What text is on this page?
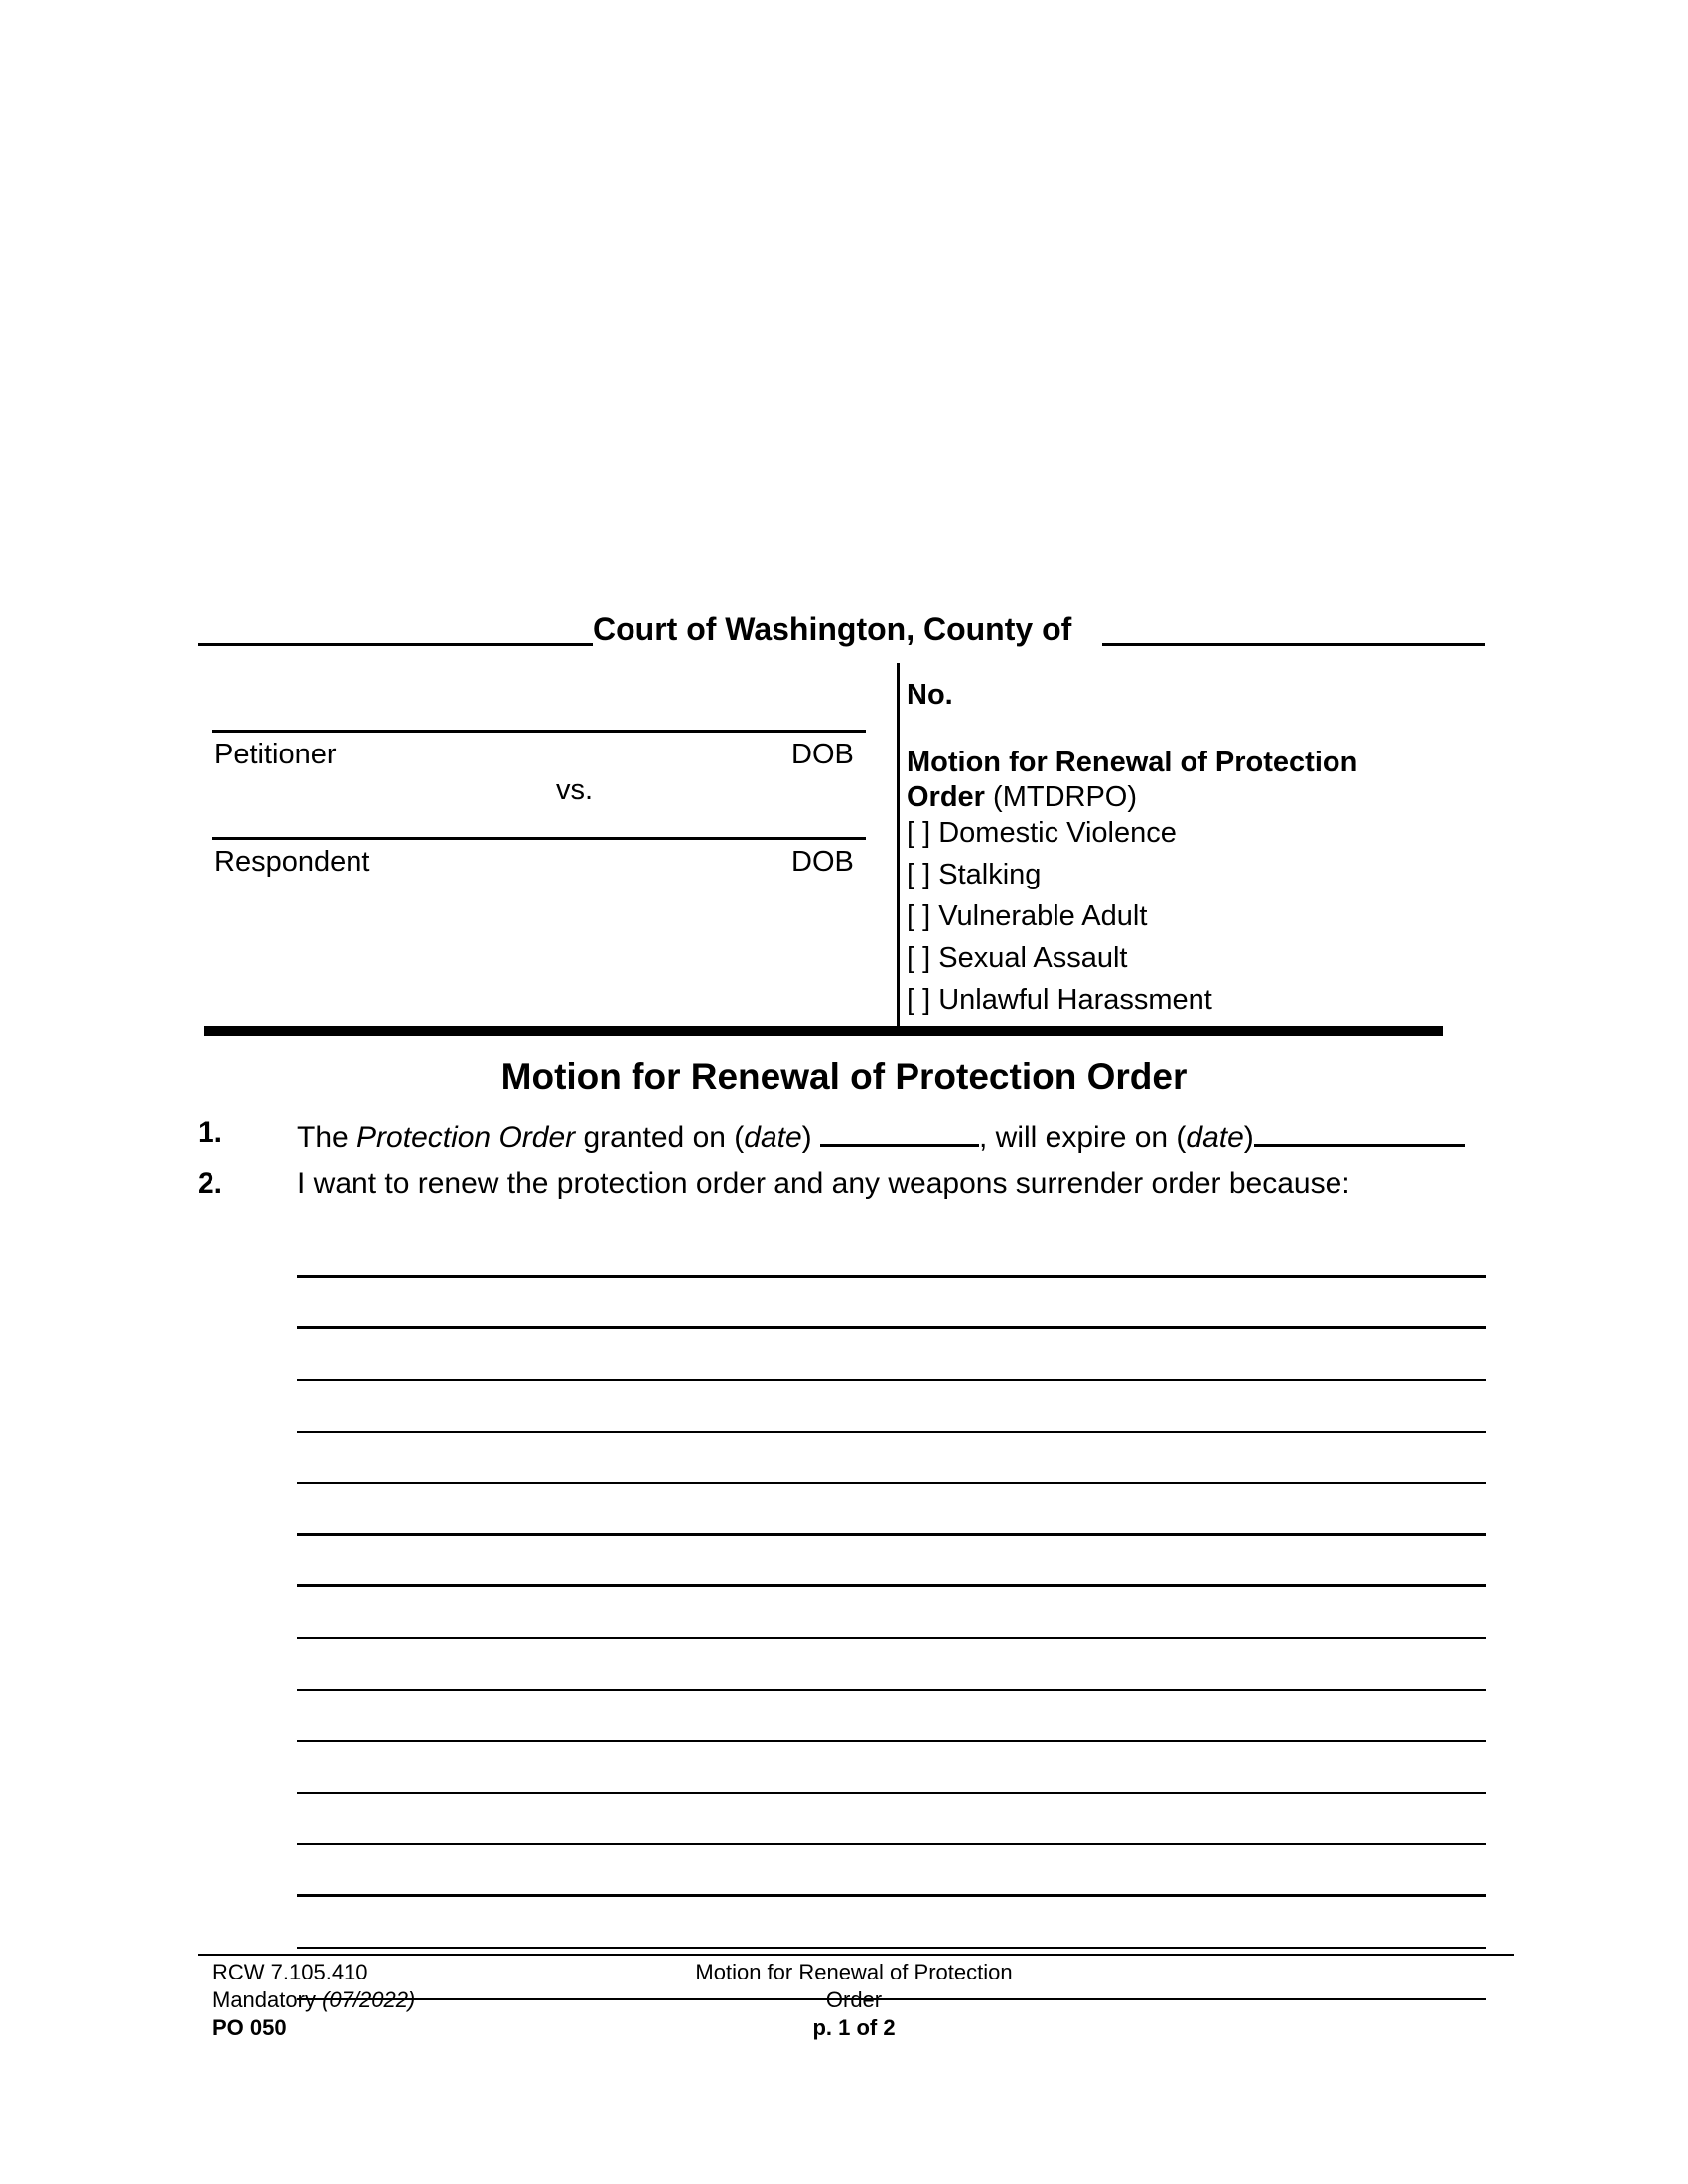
Court of Washington, County of
Petitioner	DOB
vs.
Respondent	DOB
No.
Motion for Renewal of Protection
Order (MTDRPO)
[ ] Domestic Violence
[ ] Stalking
[ ] Vulnerable Adult
[ ] Sexual Assault
[ ] Unlawful Harassment
Motion for Renewal of Protection Order
1. The Protection Order granted on (date)	, will expire on (date)
2. I want to renew the protection order and any weapons surrender order because:
RCW 7.105.410
Mandatory (07/2022)
PO 050
Motion for Renewal of Protection
Order
p. 1 of 2
